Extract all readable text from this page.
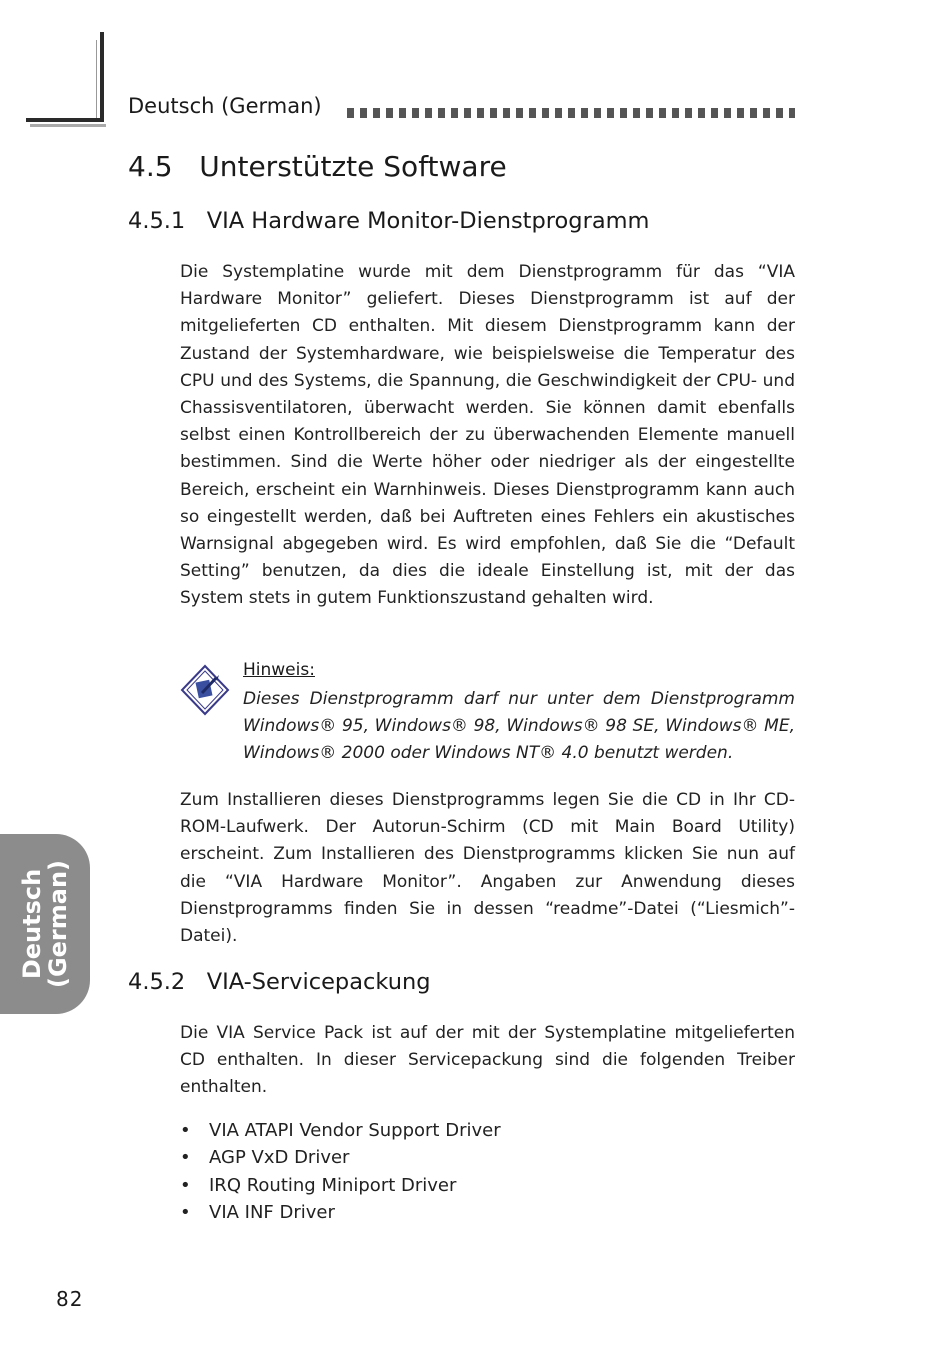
Deutsch (German)
4.5 Unterstützte Software
4.5.1 VIA Hardware Monitor-Dienstprogramm

Die Systemplatine wurde mit dem Dienstprogramm für das “VIA Hardware Monitor” geliefert. Dieses Dienstprogramm ist auf der mitgelieferten CD enthalten. Mit diesem Dienstprogramm kann der Zustand der Systemhardware, wie beispielsweise die Temperatur des CPU und des Systems, die Spannung, die Geschwindigkeit der CPU- und Chassisventilatoren, überwacht werden. Sie können damit ebenfalls selbst einen Kontrollbereich der zu überwachenden Elemente manuell bestimmen. Sind die Werte höher oder niedriger als der eingestellte Bereich, erscheint ein Warnhinweis. Dieses Dienstprogramm kann auch so eingestellt werden, daß bei Auftreten eines Fehlers ein akustisches Warnsignal abgegeben wird. Es wird empfohlen, daß Sie die “Default Setting” benutzen, da dies die ideale Einstellung ist, mit der das System stets in gutem Funktionszustand gehalten wird.

Hinweis:

Dieses Dienstprogramm darf nur unter dem Dienstprogramm Windows® 95, Windows® 98, Windows® 98 SE, Windows® ME, Windows® 2000 oder Windows NT® 4.0 benutzt werden.

Zum Installieren dieses Dienstprogramms legen Sie die CD in Ihr CD-ROM-Laufwerk. Der Autorun-Schirm (CD mit Main Board Utility) erscheint. Zum Installieren des Dienstprogramms klicken Sie nun auf die “VIA Hardware Monitor”. Angaben zur Anwendung dieses Dienstprogramms finden Sie in dessen “readme”-Datei (“Liesmich”-Datei).

4.5.2 VIA-Servicepackung

Die VIA Service Pack ist auf der mit der Systemplatine mitgelieferten CD enthalten. In dieser Servicepackung sind die folgenden Treiber enthalten.

• VIA ATAPI Vendor Support Driver
• AGP VxD Driver
• IRQ Routing Miniport Driver
• VIA INF Driver
Deutsch
(German)
82
